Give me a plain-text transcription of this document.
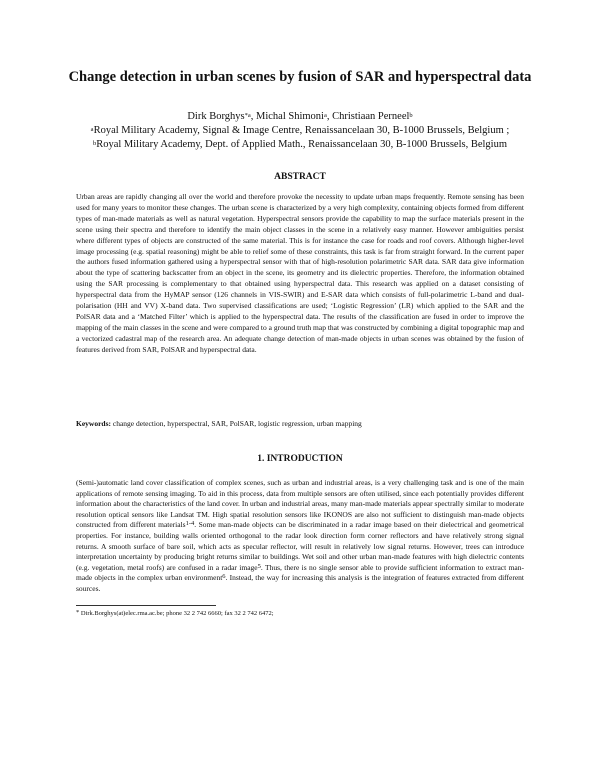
Change detection in urban scenes by fusion of SAR and hyperspectral data
Dirk Borghys$^{*a}$, Michal Shimoni$^a$, Christiaan Perneel$^b$
$^a$Royal Military Academy, Signal & Image Centre, Renaissancelaan 30, B-1000 Brussels, Belgium ;
$^b$Royal Military Academy, Dept. of Applied Math., Renaissancelaan 30, B-1000 Brussels, Belgium
ABSTRACT

Urban areas are rapidly changing all over the world and therefore provoke the necessity to update urban maps frequently. Remote sensing has been used for many years to monitor these changes. The urban scene is characterized by a very high complexity, containing objects formed from different types of man-made materials as well as natural vegetation. Hyperspectral sensors provide the capability to map the surface materials present in the scene using their spectra and therefore to identify the main object classes in the scene in a relatively easy manner. However ambiguities persist where different types of objects are constructed of the same material. This is for instance the case for roads and roof covers. Although higher-level image processing (e.g. spatial reasoning) might be able to relief some of these constraints, this task is far from straight forward. In the current paper the authors fused information gathered using a hyperspectral sensor with that of high-resolution polarimetric SAR data. SAR data give information about the type of scattering backscatter from an object in the scene, its geometry and its dielectric properties. Therefore, the information obtained using the SAR processing is complementary to that obtained using hyperspectral data. This research was applied on a dataset consisting of hyperspectral data from the HyMAP sensor (126 channels in VIS-SWIR) and E-SAR data which consists of full-polarimetric L-band and dual-polarisation (HH and VV) X-band data. Two supervised classifications are used; ‘Logistic Regression’ (LR) which applied to the SAR and the PolSAR data and a ‘Matched Filter’ which is applied to the hyperspectral data. The results of the classification are fused in order to improve the mapping of the main classes in the scene and were compared to a ground truth map that was constructed by combining a digital topographic map and a vectorized cadastral map of the research area. An adequate change detection of man-made objects in urban scenes was obtained by the fusion of features derived from SAR, PolSAR and hyperspectral data.

Keywords: change detection, hyperspectral, SAR, PolSAR, logistic regression, urban mapping
1. INTRODUCTION

(Semi-)automatic land cover classification of complex scenes, such as urban and industrial areas, is a very challenging task and is one of the main applications of remote sensing imaging. To aid in this process, data from multiple sensors are often utilised, since each potentially provides different information about the characteristics of the land cover. In urban and industrial areas, many man-made materials appear spectrally similar to moderate resolution optical sensors like Landsat TM. High spatial resolution sensors like IKONOS are also not sufficient to distinguish man-made objects constructed from different materials$^{1-4}$. Some man-made objects can be discriminated in a radar image based on their dielectrical and geometrical properties. For instance, building walls oriented orthogonal to the radar look direction form corner reflectors and have relatively strong signal returns. A smooth surface of bare soil, which acts as specular reflector, will result in relatively low signal returns. However, trees can introduce interpretation uncertainty by producing bright returns similar to buildings. Wet soil and other urban man-made features with high dielectric contents (e.g. vegetation, metal roofs) are confused in a radar image$^5$. Thus, there is no single sensor able to provide sufficient information to extract man-made objects in the complex urban environment$^6$. Instead, the way for increasing this analysis is the integration of features extracted from different sources.

* Dirk.Borghys(at)elec.rma.ac.be; phone 32 2 742 6660; fax 32 2 742 6472;
